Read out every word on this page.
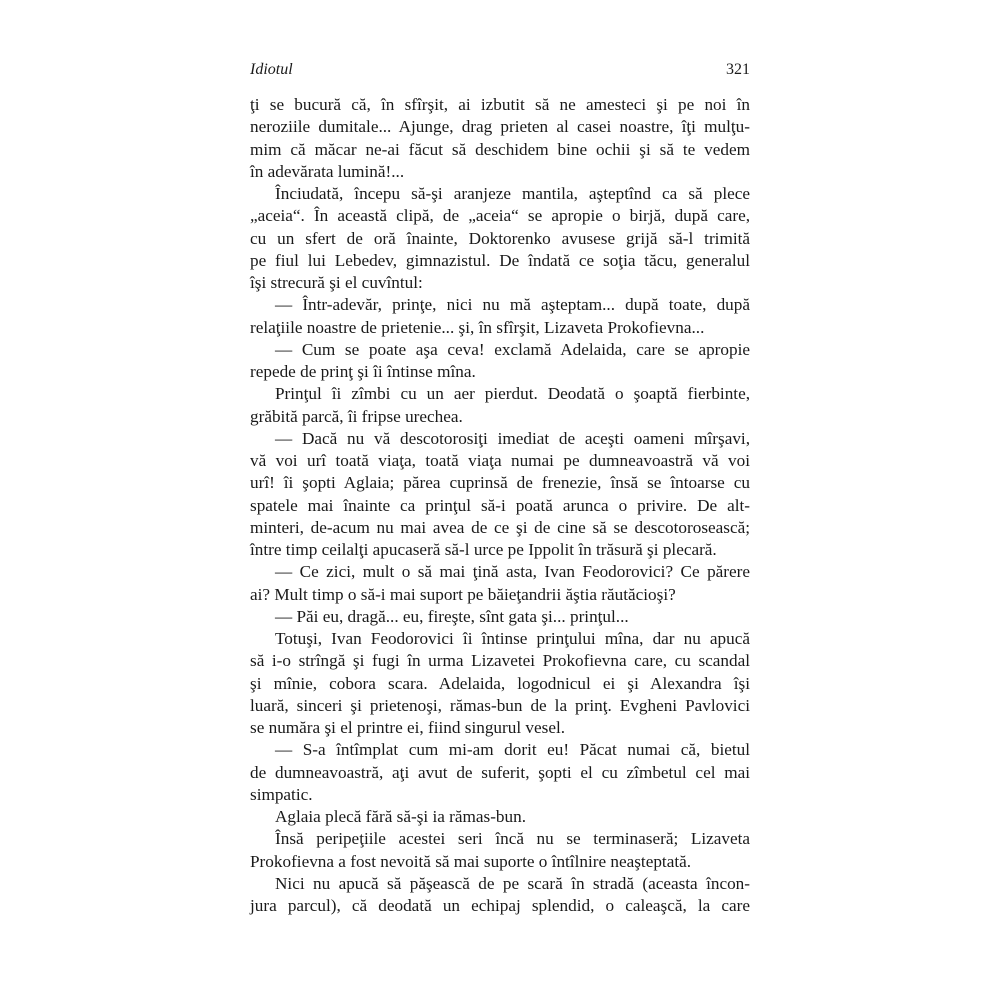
Idiotul	321
ţi se bucură că, în sfîrşit, ai izbutit să ne amesteci şi pe noi în
neroziile dumitale... Ajunge, drag prieten al casei noastre, îţi mulţu-
mim că măcar ne-ai făcut să deschidem bine ochii şi să te vedem
în adevărata lumină!...
Înciudată, începu să-şi aranjeze mantila, aşteptînd ca să plece
„aceia“. În această clipă, de „aceia“ se apropie o birjă, după care,
cu un sfert de oră înainte, Doktorenko avusese grijă să-l trimită
pe fiul lui Lebedev, gimnazistul. De îndată ce soţia tăcu, generalul
îşi strecură şi el cuvîntul:
— Într-adevăr, prinţe, nici nu mă aşteptam... după toate, după
relaţiile noastre de prietenie... şi, în sfîrşit, Lizaveta Prokofievna...
— Cum se poate aşa ceva! exclamă Adelaida, care se apropie
repede de prinţ şi îi întinse mîna.
Prinţul îi zîmbi cu un aer pierdut. Deodată o şoaptă fierbinte,
grăbită parcă, îi fripse urechea.
— Dacă nu vă descotorosiţi imediat de aceşti oameni mîrşavi,
vă voi urî toată viaţa, toată viaţa numai pe dumneavoastră vă voi
urî! îi şopti Aglaia; părea cuprinsă de frenezie, însă se întoarse cu
spatele mai înainte ca prinţul să-i poată arunca o privire. De alt-
minteri, de-acum nu mai avea de ce şi de cine să se descotorosească;
între timp ceilalţi apucaseră să-l urce pe Ippolit în trăsură şi plecară.
— Ce zici, mult o să mai ţină asta, Ivan Feodorovici? Ce părere
ai? Mult timp o să-i mai suport pe băieţandrii ăştia răutăcioşi?
— Păi eu, dragă... eu, fireşte, sînt gata şi... prinţul...
Totuşi, Ivan Feodorovici îi întinse prinţului mîna, dar nu apucă
să i-o strîngă şi fugi în urma Lizavetei Prokofievna care, cu scandal
şi mînie, cobora scara. Adelaida, logodnicul ei şi Alexandra îşi
luară, sinceri şi prietenoşi, rămas-bun de la prinţ. Evgheni Pavlovici
se număra şi el printre ei, fiind singurul vesel.
— S-a întîmplat cum mi-am dorit eu! Păcat numai că, bietul
de dumneavoastră, aţi avut de suferit, şopti el cu zîmbetul cel mai
simpatic.
Aglaia plecă fără să-şi ia rămas-bun.
Însă peripeţiile acestei seri încă nu se terminaseră; Lizaveta
Prokofievna a fost nevoită să mai suporte o întîlnire neaşteptată.
Nici nu apucă să păşească de pe scară în stradă (aceasta încon-
jura parcul), că deodată un echipaj splendid, o caleaşcă, la care
